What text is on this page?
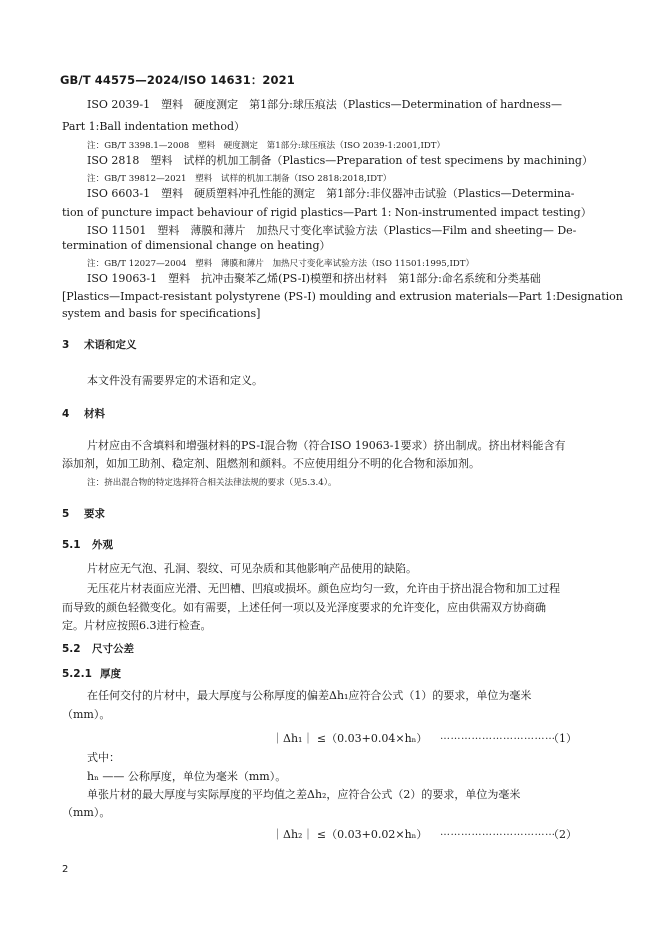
GB/T 44575—2024/ISO 14631：2021
ISO 2039-1　塑料　硬度测定　第1部分:球压痕法（Plastics—Determination of hardness—
Part 1:Ball indentation method）
注：GB/T 3398.1—2008　塑料　硬度测定　第1部分:球压痕法（ISO 2039-1:2001,IDT）
ISO 2818　塑料　试样的机加工制备（Plastics—Preparation of test specimens by machining）
注：GB/T 39812—2021　塑料　试样的机加工制备（ISO 2818:2018,IDT）
ISO 6603-1　塑料　硬质塑料冲孔性能的测定　第1部分:非仪器冲击试验（Plastics—Determina-
tion of puncture impact behaviour of rigid plastics—Part 1: Non-instrumented impact testing）
ISO 11501　塑料　薄膜和薄片　加热尺寸变化率试验方法（Plastics—Film and sheeting— De-
termination of dimensional change on heating）
注：GB/T 12027—2004　塑料　薄膜和薄片　加热尺寸变化率试验方法（ISO 11501:1995,IDT）
ISO 19063-1　塑料　抗冲击聚苯乙烯(PS-I)模塑和挤出材料　第1部分:命名系统和分类基础
[Plastics—Impact-resistant polystyrene (PS-I) moulding and extrusion materials—Part 1:Designation
system and basis for specifications]
3 术语和定义
本文件没有需要界定的术语和定义。
4 材料
片材应由不含填料和增强材料的PS-I混合物（符合ISO 19063-1要求）挤出制成。挤出材料能含有
添加剂，如加工助剂、稳定剂、阻燃剂和颜料。不应使用组分不明的化合物和添加剂。
注：挤出混合物的特定选择符合相关法律法规的要求（见5.3.4）。
5 要求
5.1 外观
片材应无气泡、孔洞、裂纹、可见杂质和其他影响产品使用的缺陷。
无压花片材表面应光滑、无凹槽、凹痕或损坏。颜色应均匀一致，允许由于挤出混合物和加工过程
而导致的颜色轻微变化。如有需要，上述任何一项以及光泽度要求的允许变化，应由供需双方协商确
定。片材应按照6.3进行检查。
5.2 尺寸公差
5.2.1 厚度
在任何交付的片材中，最大厚度与公称厚度的偏差Δh₁应符合公式（1）的要求，单位为毫米
（mm）。
｜Δh₁｜ ≤（0.03+0.04×hₙ） ……………………………
（1）
式中：
hₙ —— 公称厚度，单位为毫米（mm）。
单张片材的最大厚度与实际厚度的平均值之差Δh₂，应符合公式（2）的要求，单位为毫米
（mm）。
｜Δh₂｜ ≤（0.03+0.02×hₙ） ……………………………
（2）
2
